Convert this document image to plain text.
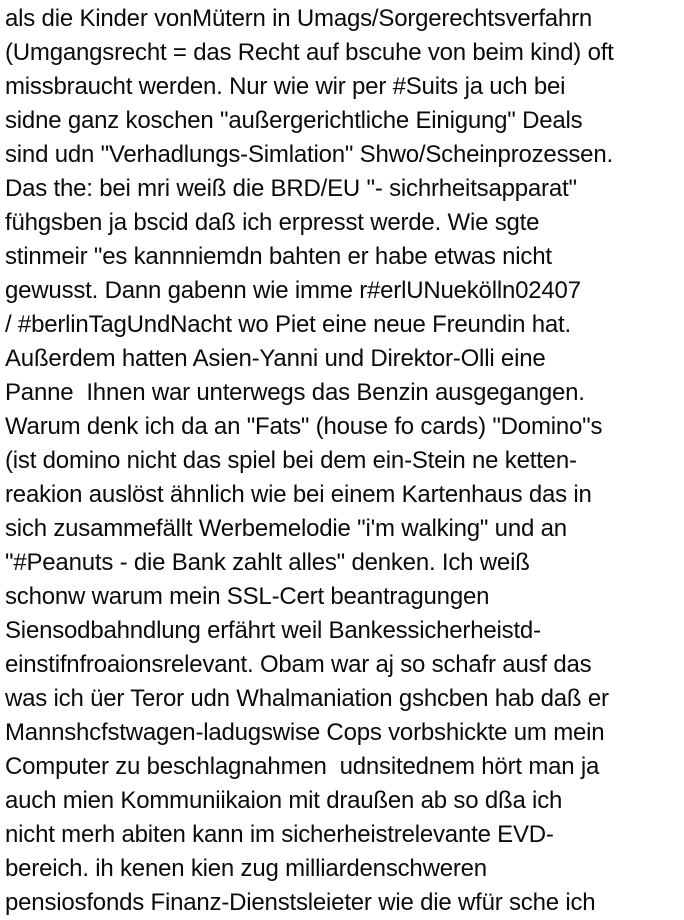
als die Kinder vonMütern in Umags/Sorgerechtsverfahrn
(Umgangsrecht = das Recht auf bscuhe von beim kind) oft
missbraucht werden. Nur wie wir per #Suits ja uch bei
sidne ganz koschen "außergerichtliche Einigung" Deals
sind udn "Verhadlungs-Simlation" Shwo/Scheinprozessen.
Das the: bei mri weiß die BRD/EU "- sichrheitsapparat"
fühgsben ja bscid daß ich erpresst werde. Wie sgte
stinmeir "es kannniemdn bahten er habe etwas nicht
gewusst. Dann gabenn wie imme r#erlUNuekölln02407
/ #berlinTagUndNacht wo Piet eine neue Freundin hat.
Außerdem hatten Asien-Yanni und Direktor-Olli eine
Panne  Ihnen war unterwegs das Benzin ausgegangen.
Warum denk ich da an "Fats" (house fo cards) "Domino"s
(ist domino nicht das spiel bei dem ein-Stein ne ketten-
reakion auslöst ähnlich wie bei einem Kartenhaus das in
sich zusammefällt Werbemelodie "i'm walking" und an
"#Peanuts - die Bank zahlt alles" denken. Ich weiß
schonw warum mein SSL-Cert beantragungen
Siensodbahndlung erfährt weil Bankessicherheistd-
einstifnfroaionsrelevant. Obam war aj so schafr ausf das
was ich üer Teror udn Whalmaniation gshcben hab daß er
Mannshcfstwagen-ladugswise Cops vorbshickte um mein
Computer zu beschlagnahmen  udnsitednem hört man ja
auch mien Kommuniikaion mit draußen ab so dßa ich
nicht merh abiten kann im sicherheistrelevante EVD-
bereich. ih kenen kien zug milliardenschweren
pensiosfonds Finanz-Dienstsleieter wie die wfür sche ich
